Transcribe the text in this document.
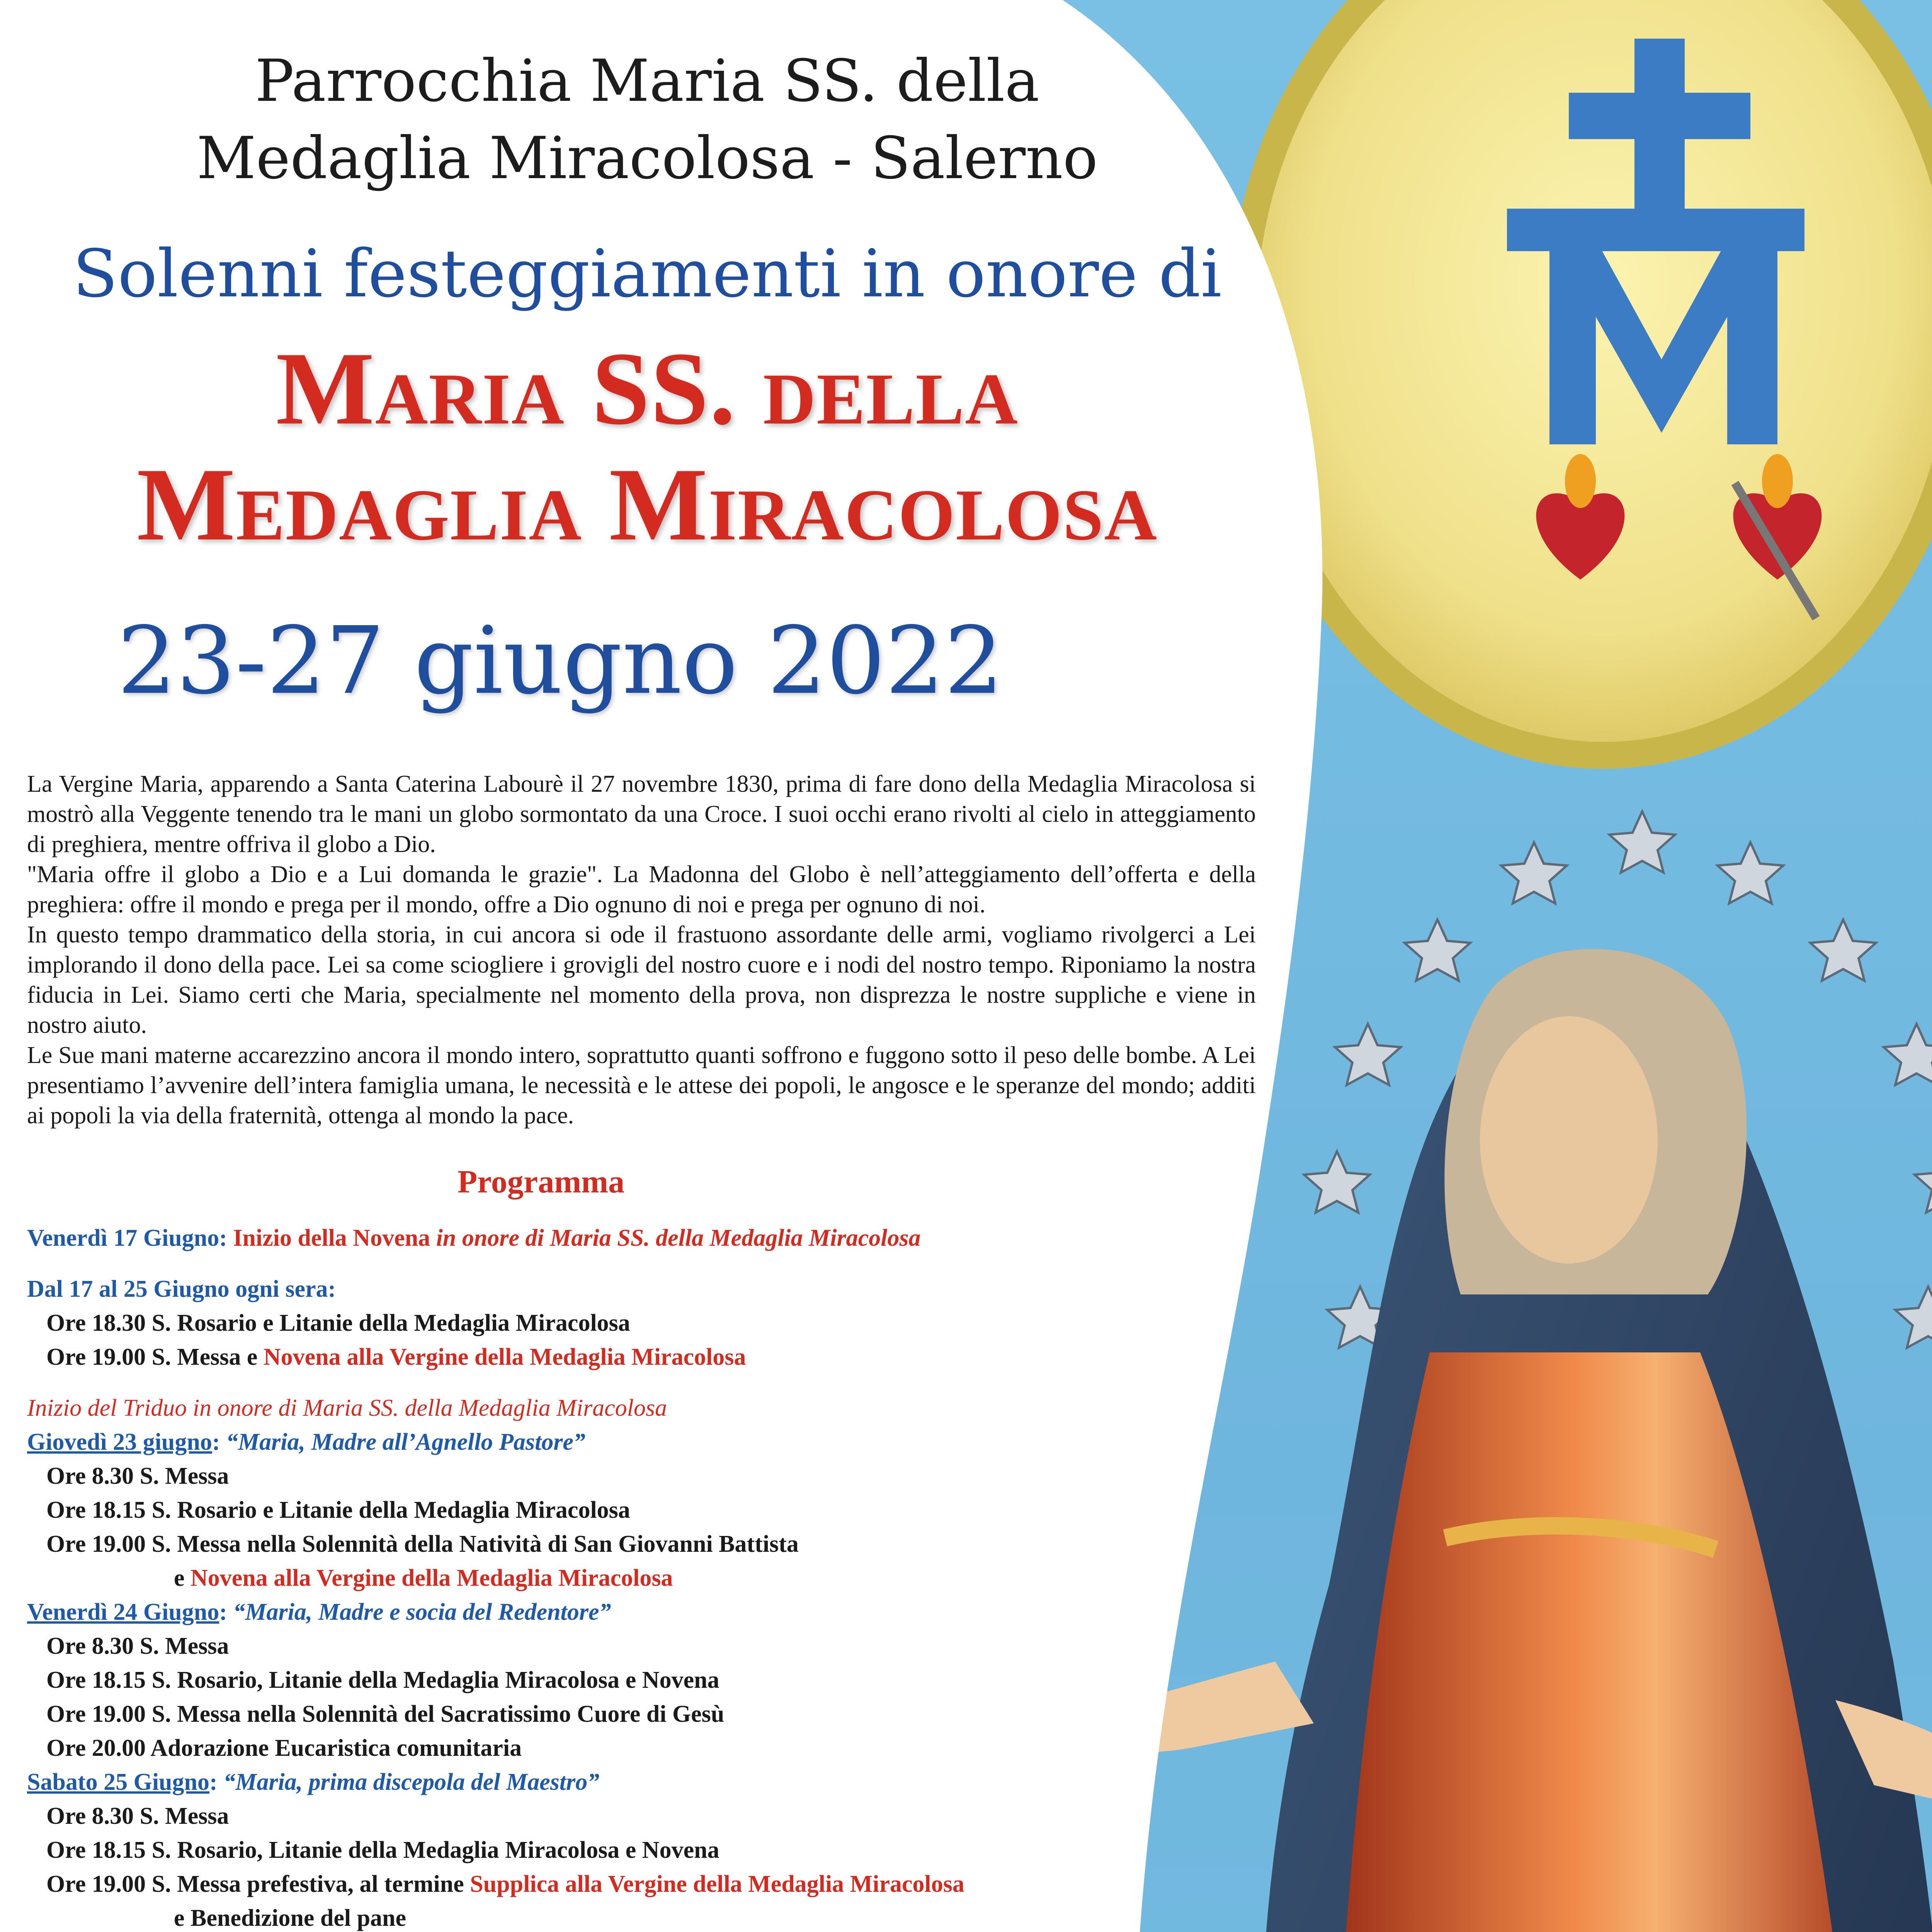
Parrocchia Maria SS. della
Medaglia Miracolosa - Salerno
Solenni festeggiamenti in onore di
Maria SS. della
Medaglia Miracolosa
23-27 giugno 2022

La Vergine Maria, apparendo a Santa Caterina Labourè il 27 novembre 1830, prima di fare dono della Medaglia Miracolosa si mostrò alla Veggente tenendo tra le mani un globo sormontato da una Croce. I suoi occhi erano rivolti al cielo in atteggiamento di preghiera, mentre offriva il globo a Dio.

"Maria offre il globo a Dio e a Lui domanda le grazie". La Madonna del Globo è nell’atteggiamento dell’offerta e della preghiera: offre il mondo e prega per il mondo, offre a Dio ognuno di noi e prega per ognuno di noi.

In questo tempo drammatico della storia, in cui ancora si ode il frastuono assordante delle armi, vogliamo rivolgerci a Lei implorando il dono della pace. Lei sa come sciogliere i grovigli del nostro cuore e i nodi del nostro tempo. Riponiamo la nostra fiducia in Lei. Siamo certi che Maria, specialmente nel momento della prova, non disprezza le nostre suppliche e viene in nostro aiuto.

Le Sue mani materne accarezzino ancora il mondo intero, soprattutto quanti soffrono e fuggono sotto il peso delle bombe. A Lei presentiamo l’avvenire dell’intera famiglia umana, le necessità e le attese dei popoli, le angosce e le speranze del mondo; additi ai popoli la via della fraternità, ottenga al mondo la pace.

Programma
Venerdì 17 Giugno: Inizio della Novena in onore di Maria SS. della Medaglia Miracolosa
Dal 17 al 25 Giugno ogni sera:
Ore 18.30 S. Rosario e Litanie della Medaglia Miracolosa
Ore 19.00 S. Messa e Novena alla Vergine della Medaglia Miracolosa
Inizio del Triduo in onore di Maria SS. della Medaglia Miracolosa
Giovedì 23 giugno: “Maria, Madre all’Agnello Pastore”
Ore 8.30 S. Messa
Ore 18.15 S. Rosario e Litanie della Medaglia Miracolosa
Ore 19.00 S. Messa nella Solennità della Natività di San Giovanni Battista
e Novena alla Vergine della Medaglia Miracolosa
Venerdì 24 Giugno: “Maria, Madre e socia del Redentore”
Ore 8.30 S. Messa
Ore 18.15 S. Rosario, Litanie della Medaglia Miracolosa e Novena
Ore 19.00 S. Messa nella Solennità del Sacratissimo Cuore di Gesù
Ore 20.00 Adorazione Eucaristica comunitaria
Sabato 25 Giugno: “Maria, prima discepola del Maestro”
Ore 8.30 S. Messa
Ore 18.15 S. Rosario, Litanie della Medaglia Miracolosa e Novena
Ore 19.00 S. Messa prefestiva, al termine Supplica alla Vergine della Medaglia Miracolosa
e Benedizione del pane
